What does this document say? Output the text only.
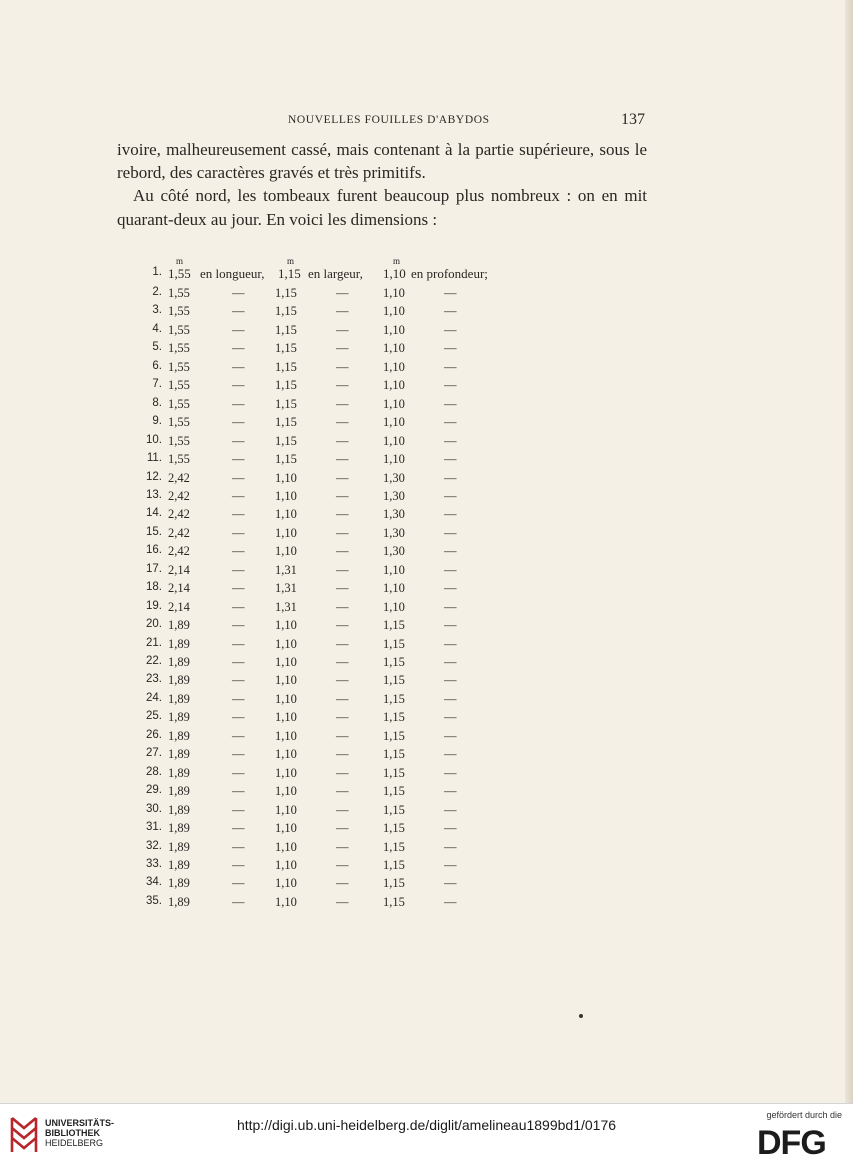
NOUVELLES FOUILLES D'ABYDOS	137

ivoire, malheureusement cassé, mais contenant à la partie supérieure, sous le rebord, des caractères gravés et très primitifs.

Au côté nord, les tombeaux furent beaucoup plus nombreux : on en mit quarant-deux au jour. En voici les dimensions :

m	m	m
1. 1,55 en longueur, 1,15 en largeur, 1,10 en profondeur;
2. 1,55	— 1,15	—	1,10	—
3. 1,55	— 1,15	—	1,10	—
4. 1,55	— 1,15	—	1,10	—
5. 1,55	— 1,15	—	1,10	—
6. 1,55	— 1,15	—	1,10	—
7. 1,55	— 1,15	—	1,10	—
8. 1,55	— 1,15	—	1,10	—
9. 1,55	— 1,15	—	1,10	—
10. 1,55	— 1,15	—	1,10	—
11. 1,55	— 1,15	—	1,10	—
12. 2,42	— 1,10	—	1,30	—
13. 2,42	— 1,10	—	1,30	—
14. 2,42	— 1,10	—	1,30	—
15. 2,42	— 1,10	—	1,30	—
16. 2,42	— 1,10	—	1,30	—
17. 2,14	— 1,31	—	1,10	—
18. 2,14	— 1,31	—	1,10	—
19. 2,14	— 1,31	—	1,10	—
20. 1,89	— 1,10	—	1,15	—
21. 1,89	— 1,10	—	1,15	—
22. 1,89	— 1,10	—	1,15	—
23. 1,89	— 1,10	—	1,15	—
24. 1,89	— 1,10	—	1,15	—
25. 1,89	— 1,10	—	1,15	—
26. 1,89	— 1,10	—	1,15	—
27. 1,89	— 1,10	—	1,15	—
28. 1,89	— 1,10	—	1,15	—
29. 1,89	— 1,10	—	1,15	—
30. 1,89	— 1,10	—	1,15	—
31. 1,89	— 1,10	—	1,15	—
32. 1,89	— 1,10	—	1,15	—
33. 1,89	— 1,10	—	1,15	—
34. 1,89	— 1,10	—	1,15	—
35. 1,89	— 1,10	—	1,15	—
UNIVERSITÄTS-
BIBLIOTHEK
HEIDELBERG
http://digi.ub.uni-heidelberg.de/diglit/amelineau1899bd1/0176
gefördert durch die
DFG
